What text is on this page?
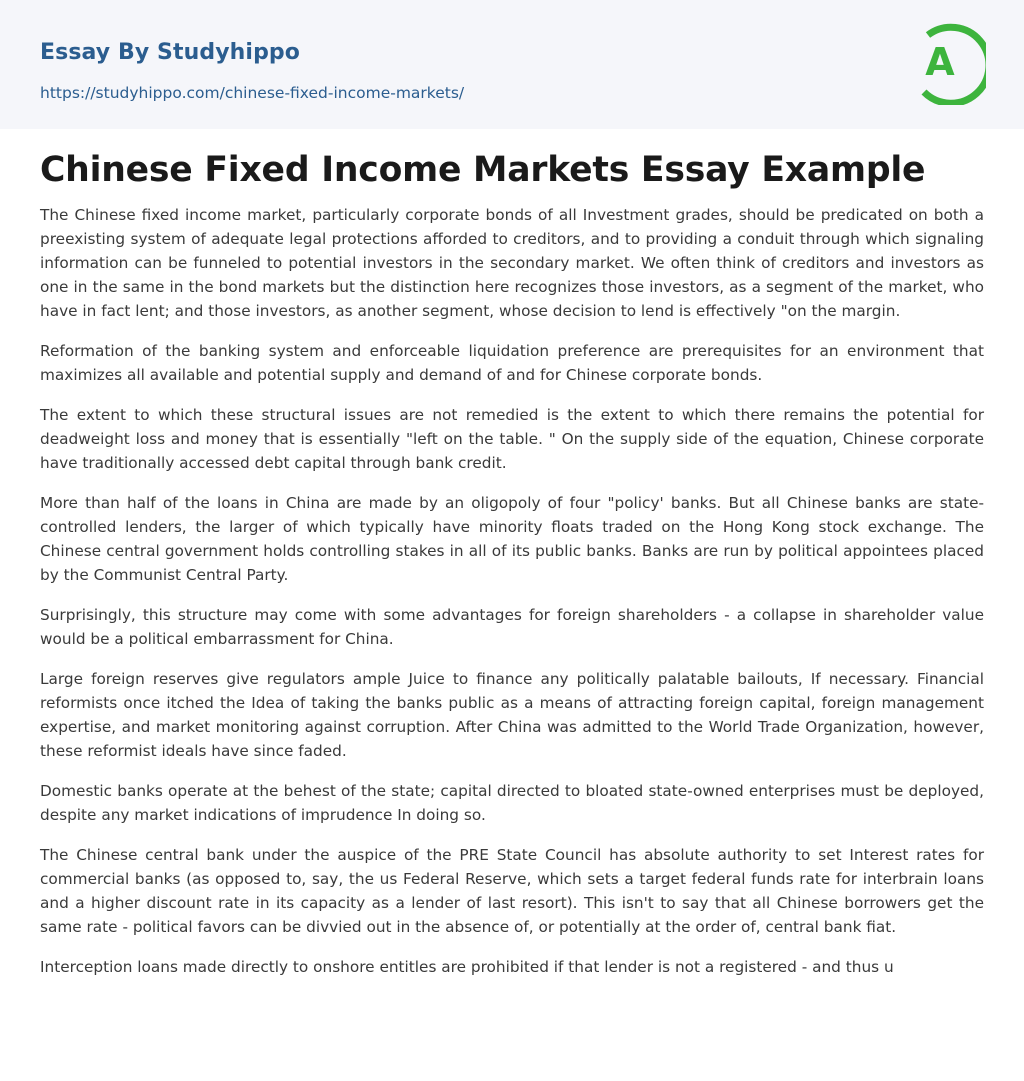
Essay By Studyhippo
https://studyhippo.com/chinese-fixed-income-markets/
A
Chinese Fixed Income Markets Essay Example

The Chinese fixed income market, particularly corporate bonds of all Investment grades, should be predicated on both a preexisting system of adequate legal protections afforded to creditors, and to providing a conduit through which signaling information can be funneled to potential investors in the secondary market. We often think of creditors and investors as one in the same in the bond markets but the distinction here recognizes those investors, as a segment of the market, who have in fact lent; and those investors, as another segment, whose decision to lend is effectively "on the margin.

Reformation of the banking system and enforceable liquidation preference are prerequisites for an environment that maximizes all available and potential supply and demand of and for Chinese corporate bonds.

The extent to which these structural issues are not remedied is the extent to which there remains the potential for deadweight loss and money that is essentially "left on the table. " On the supply side of the equation, Chinese corporate have traditionally accessed debt capital through bank credit.

More than half of the loans in China are made by an oligopoly of four "policy' banks. But all Chinese banks are state-controlled lenders, the larger of which typically have minority floats traded on the Hong Kong stock exchange. The Chinese central government holds controlling stakes in all of its public banks. Banks are run by political appointees placed by the Communist Central Party.

Surprisingly, this structure may come with some advantages for foreign shareholders - a collapse in shareholder value would be a political embarrassment for China.

Large foreign reserves give regulators ample Juice to finance any politically palatable bailouts, If necessary. Financial reformists once itched the Idea of taking the banks public as a means of attracting foreign capital, foreign management expertise, and market monitoring against corruption. After China was admitted to the World Trade Organization, however, these reformist ideals have since faded.

Domestic banks operate at the behest of the state; capital directed to bloated state-owned enterprises must be deployed, despite any market indications of imprudence In doing so.

The Chinese central bank under the auspice of the PRE State Council has absolute authority to set Interest rates for commercial banks (as opposed to, say, the us Federal Reserve, which sets a target federal funds rate for interbrain loans and a higher discount rate in its capacity as a lender of last resort). This isn't to say that all Chinese borrowers get the same rate - political favors can be divvied out in the absence of, or potentially at the order of, central bank fiat.

Interception loans made directly to onshore entitles are prohibited if that lender is not a registered - and thus u
